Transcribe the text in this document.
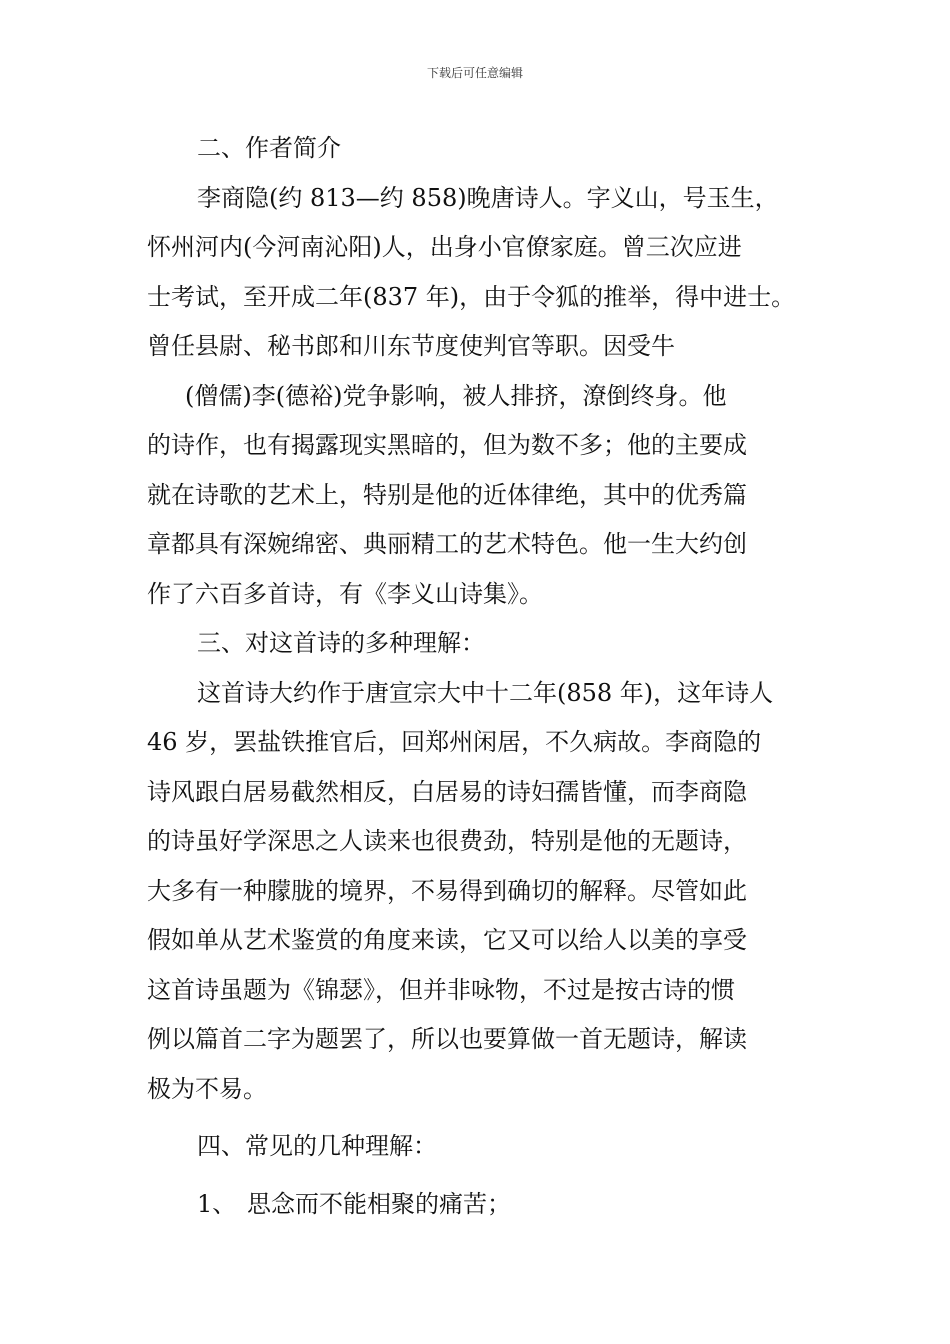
下载后可任意编辑
二、作者简介
李商隐(约 813—约 858)晚唐诗人。字义山，号玉生，
怀州河内(今河南沁阳)人，出身小官僚家庭。曾三次应进
士考试，至开成二年(837 年)，由于令狐的推举，得中进士。
曾任县尉、秘书郎和川东节度使判官等职。因受牛
(僧儒)李(德裕)党争影响，被人排挤，潦倒终身。他
的诗作，也有揭露现实黑暗的，但为数不多；他的主要成
就在诗歌的艺术上，特别是他的近体律绝，其中的优秀篇
章都具有深婉绵密、典丽精工的艺术特色。他一生大约创
作了六百多首诗，有《李义山诗集》。
三、对这首诗的多种理解：
这首诗大约作于唐宣宗大中十二年(858 年)，这年诗人
46 岁，罢盐铁推官后，回郑州闲居，不久病故。李商隐的
诗风跟白居易截然相反，白居易的诗妇孺皆懂，而李商隐
的诗虽好学深思之人读来也很费劲，特别是他的无题诗，
大多有一种朦胧的境界，不易得到确切的解释。尽管如此
假如单从艺术鉴赏的角度来读，它又可以给人以美的享受
这首诗虽题为《锦瑟》，但并非咏物，不过是按古诗的惯
例以篇首二字为题罢了，所以也要算做一首无题诗，解读
极为不易。
四、常见的几种理解：
1、 思念而不能相聚的痛苦；
